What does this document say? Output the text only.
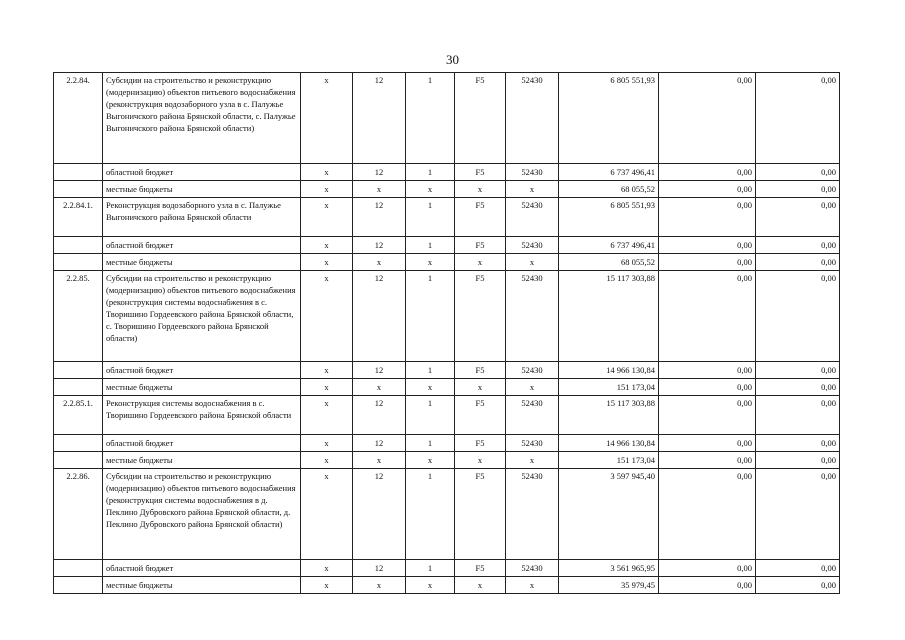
30
2.2.84.	Субсидии на строительство и реконструкцию (модернизацию) объектов питьевого водоснабжения (реконструкция водозаборного узла в с. Палужье Выгоничского района Брянской области, с. Палужье Выгоничского района Брянской области)	x	12	1	F5	52430	6 805 551,93	0,00	0,00
	областной бюджет	x	12	1	F5	52430	6 737 496,41	0,00	0,00
	местные бюджеты	x	x	x	x	x	68 055,52	0,00	0,00
2.2.84.1.	Реконструкция водозаборного узла в с. Палужье Выгоничского района Брянской области	x	12	1	F5	52430	6 805 551,93	0,00	0,00
	областной бюджет	x	12	1	F5	52430	6 737 496,41	0,00	0,00
	местные бюджеты	x	x	x	x	x	68 055,52	0,00	0,00
2.2.85.	Субсидии на строительство и реконструкцию (модернизацию) объектов питьевого водоснабжения (реконструкция системы водоснабжения в с. Творишино Гордеевского района Брянской области, с. Творишино Гордеевского района Брянской области)	x	12	1	F5	52430	15 117 303,88	0,00	0,00
	областной бюджет	x	12	1	F5	52430	14 966 130,84	0,00	0,00
	местные бюджеты	x	x	x	x	x	151 173,04	0,00	0,00
2.2.85.1.	Реконструкция системы водоснабжения в с. Творишино Гордеевского района Брянской области	x	12	1	F5	52430	15 117 303,88	0,00	0,00
	областной бюджет	x	12	1	F5	52430	14 966 130,84	0,00	0,00
	местные бюджеты	x	x	x	x	x	151 173,04	0,00	0,00
2.2.86.	Субсидии на строительство и реконструкцию (модернизацию) объектов питьевого водоснабжения (реконструкция системы водоснабжения в д. Пеклино Дубровского района Брянской области, д. Пеклино Дубровского района Брянской области)	x	12	1	F5	52430	3 597 945,40	0,00	0,00
	областной бюджет	x	12	1	F5	52430	3 561 965,95	0,00	0,00
	местные бюджеты	x	x	x	x	x	35 979,45	0,00	0,00
